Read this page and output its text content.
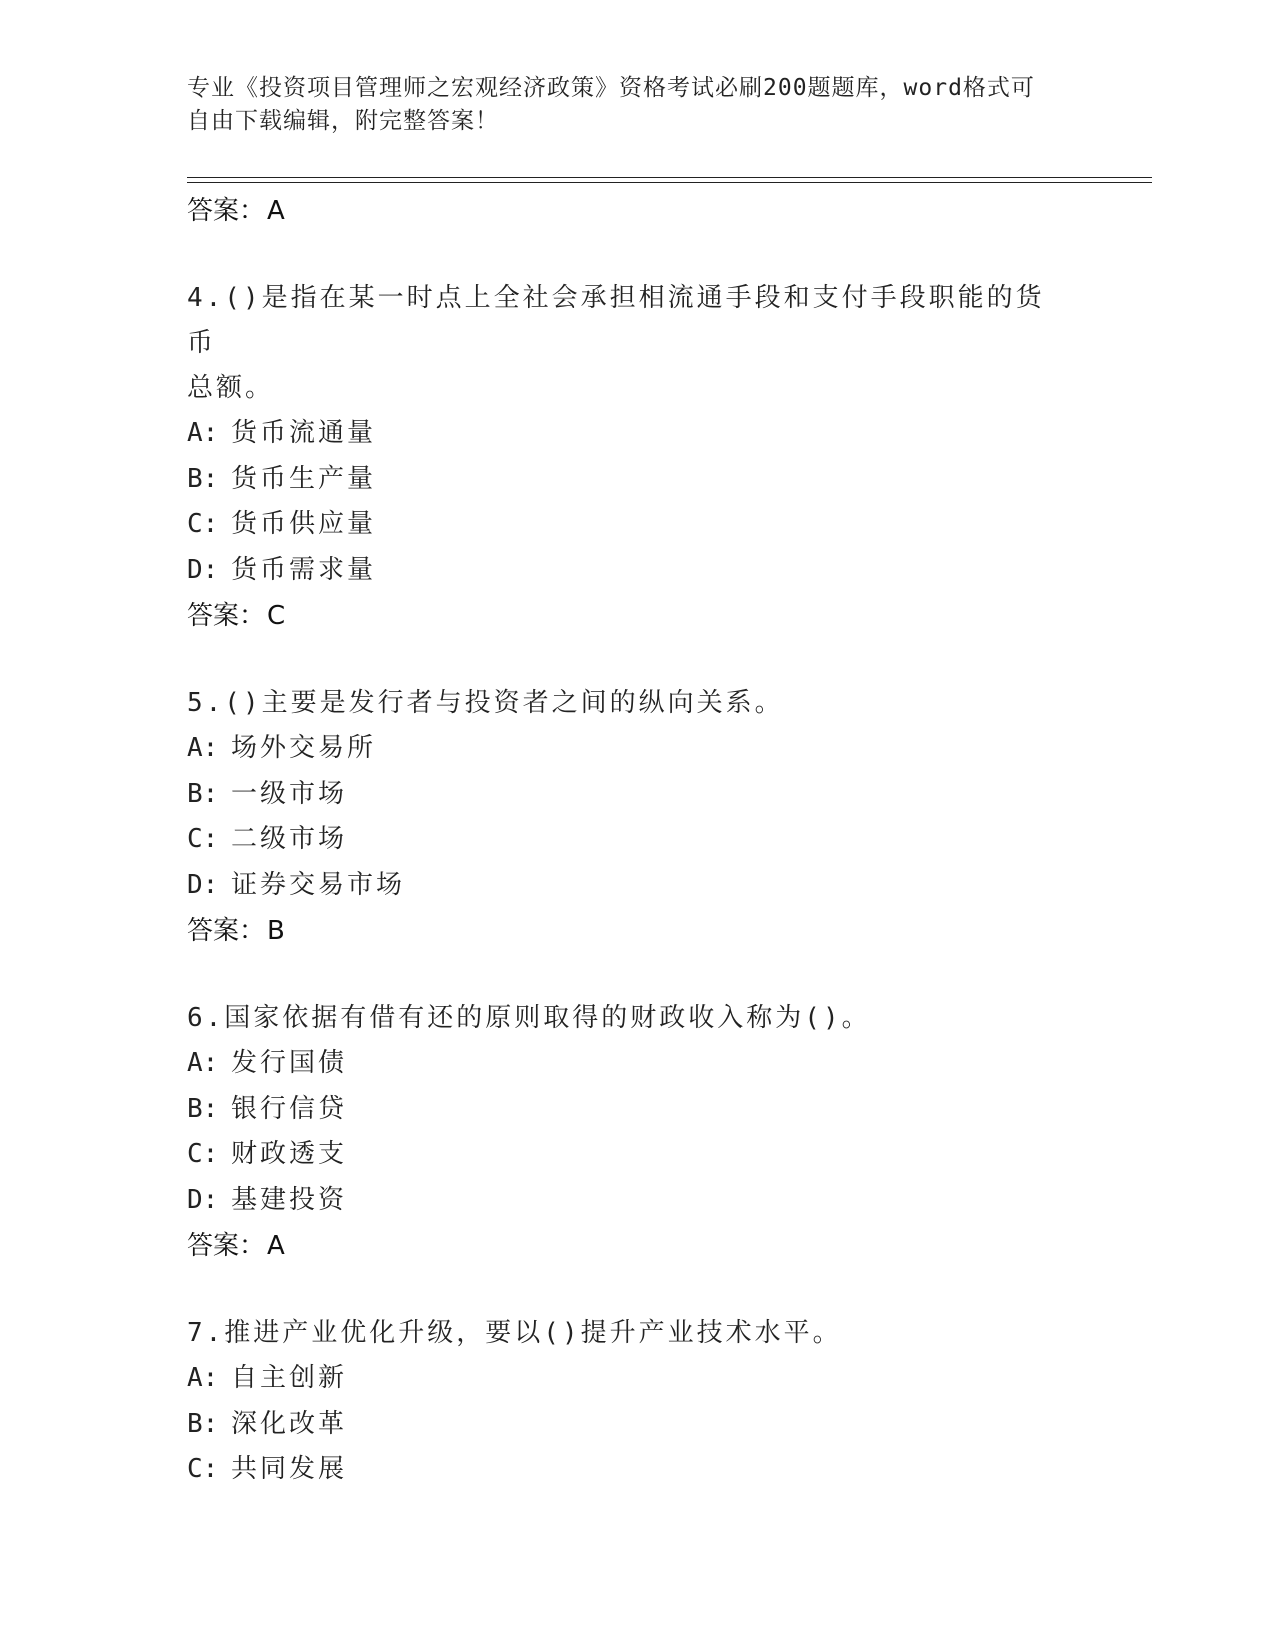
专业《投资项目管理师之宏观经济政策》资格考试必刷200题题库，word格式可
自由下载编辑，附完整答案！
答案：A
4.()是指在某一时点上全社会承担相流通手段和支付手段职能的货币
总额。
A: 货币流通量
B: 货币生产量
C: 货币供应量
D: 货币需求量
答案：C
5.()主要是发行者与投资者之间的纵向关系。
A: 场外交易所
B: 一级市场
C: 二级市场
D: 证券交易市场
答案：B
6.国家依据有借有还的原则取得的财政收入称为()。
A: 发行国债
B: 银行信贷
C: 财政透支
D: 基建投资
答案：A
7.推进产业优化升级，要以()提升产业技术水平。
A: 自主创新
B: 深化改革
C: 共同发展
